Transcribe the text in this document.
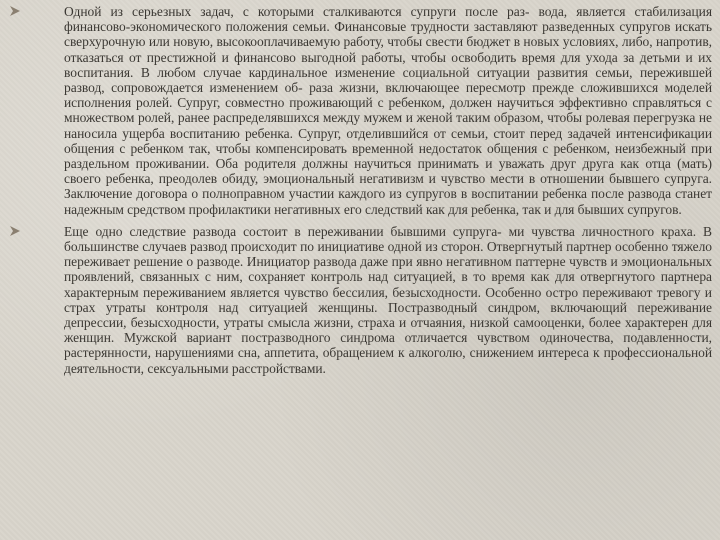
Одной из серьезных задач, с которыми сталкиваются супруги после раз- вода, является стабилизация финансово-экономического положения семьи. Финансовые трудности заставляют разведенных супругов искать сверхурочную или новую, высокооплачиваемую работу, чтобы свести бюджет в новых условиях, либо, напротив, отказаться от престижной и финансово выгодной работы, чтобы освободить время для ухода за детьми и их воспитания. В любом случае кардинальное изменение социальной ситуации развития семьи, пережившей развод, сопровождается изменением об- раза жизни, включающее пересмотр прежде сложившихся моделей исполнения ролей. Супруг, совместно проживающий с ребенком, должен научиться эффективно справляться с множеством ролей, ранее распределявшихся между мужем и женой таким образом, чтобы ролевая перегрузка не наносила ущерба воспитанию ребенка. Супруг, отделившийся от семьи, стоит перед задачей интенсификации общения с ребенком так, чтобы компенсировать временной недостаток общения с ребенком, неизбежный при раздельном проживании. Оба родителя должны научиться принимать и уважать друг друга как отца (мать) своего ребенка, преодолев обиду, эмоциональный негативизм и чувство мести в отношении бывшего супруга. Заключение договора о полноправном участии каждого из супругов в воспитании ребенка после развода станет надежным средством профилактики негативных его следствий как для ребенка, так и для бывших супругов.
Еще одно следствие развода состоит в переживании бывшими супруга- ми чувства личностного краха. В большинстве случаев развод происходит по инициативе одной из сторон. Отвергнутый партнер особенно тяжело переживает решение о разводе. Инициатор развода даже при явно негативном паттерне чувств и эмоциональных проявлений, связанных с ним, сохраняет контроль над ситуацией, в то время как для отвергнутого партнера характерным переживанием является чувство бессилия, безысходности. Особенно остро переживают тревогу и страх утраты контроля над ситуацией женщины. Постразводный синдром, включающий переживание депрессии, безысходности, утраты смысла жизни, страха и отчаяния, низкой самооценки, более характерен для женщин. Мужской вариант постразводного синдрома отличается чувством одиночества, подавленности, растерянности, нарушениями сна, аппетита, обращением к алкоголю, снижением интереса к профессиональной деятельности, сексуальными расстройствами.
